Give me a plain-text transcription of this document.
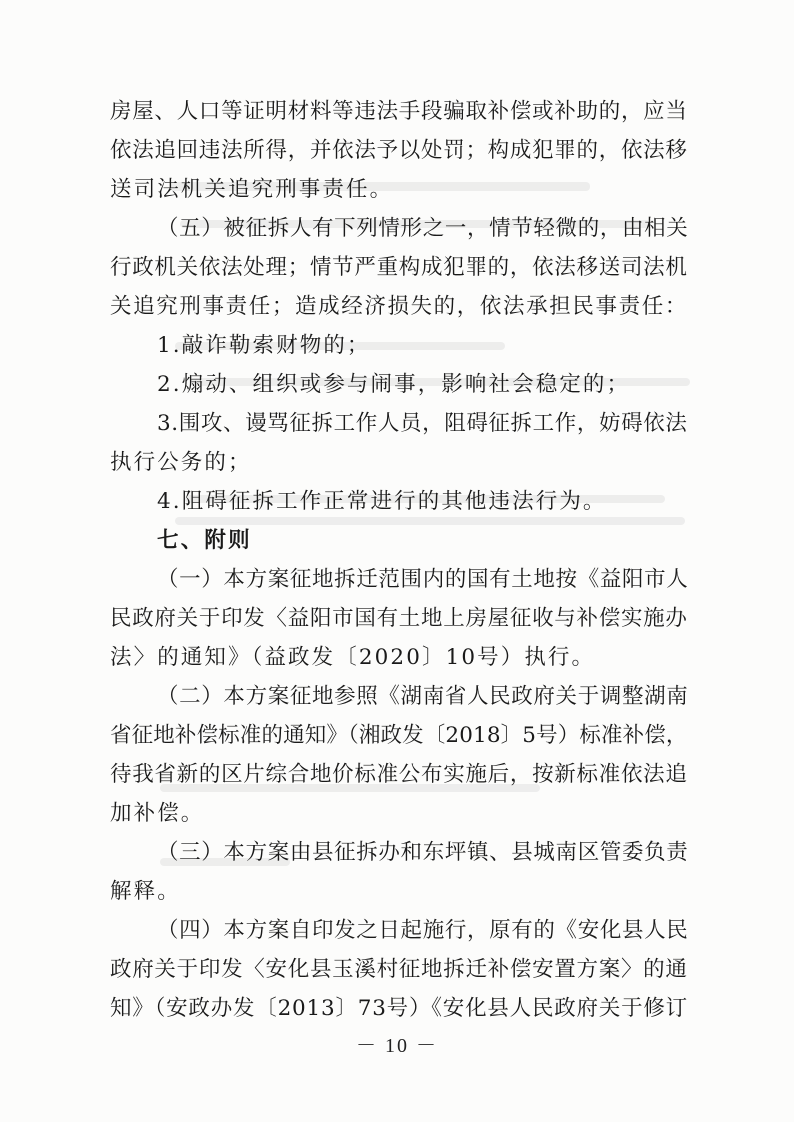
房屋、人口等证明材料等违法手段骗取补偿或补助的，应当
依法追回违法所得，并依法予以处罚；构成犯罪的，依法移
送司法机关追究刑事责任。
（五）被征拆人有下列情形之一，情节轻微的，由相关
行政机关依法处理；情节严重构成犯罪的，依法移送司法机
关追究刑事责任；造成经济损失的，依法承担民事责任：
1.敲诈勒索财物的；
2.煽动、组织或参与闹事，影响社会稳定的；
3.围攻、谩骂征拆工作人员，阻碍征拆工作，妨碍依法
执行公务的；
4.阻碍征拆工作正常进行的其他违法行为。
七、附则
（一）本方案征地拆迁范围内的国有土地按《益阳市人
民政府关于印发〈益阳市国有土地上房屋征收与补偿实施办
法〉的通知》（益政发〔2020〕10号）执行。
（二）本方案征地参照《湖南省人民政府关于调整湖南
省征地补偿标准的通知》（湘政发〔2018〕5号）标准补偿，
待我省新的区片综合地价标准公布实施后，按新标准依法追
加补偿。
（三）本方案由县征拆办和东坪镇、县城南区管委负责
解释。
（四）本方案自印发之日起施行，原有的《安化县人民
政府关于印发〈安化县玉溪村征地拆迁补偿安置方案〉的通
知》（安政办发〔2013〕73号）《安化县人民政府关于修订
－ 10 －
